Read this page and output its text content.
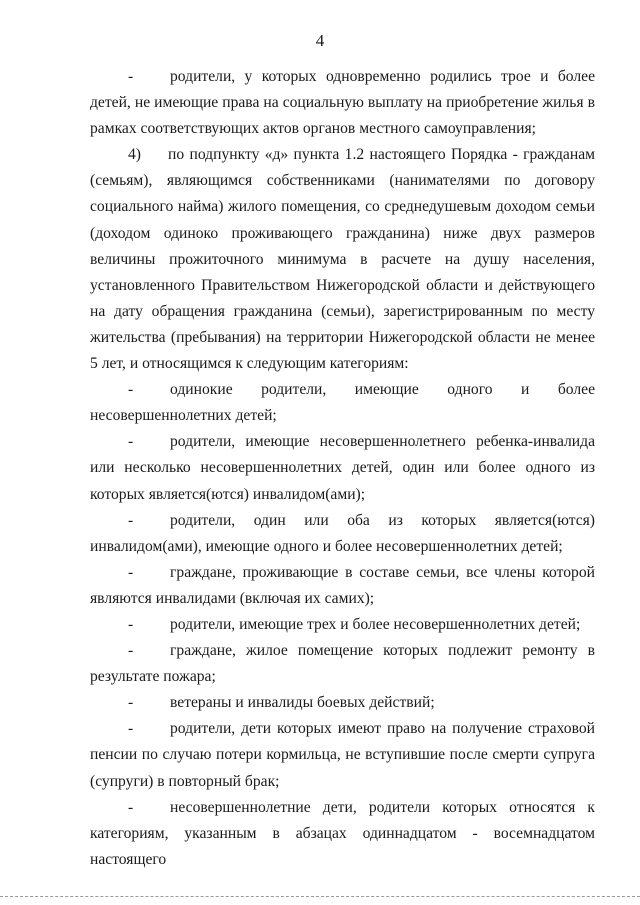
4

- родители, у которых одновременно родились трое и более детей, не имеющие права на социальную выплату на приобретение жилья в рамках соответствующих актов органов местного самоуправления;

4) по подпункту «д» пункта 1.2 настоящего Порядка - гражданам (семьям), являющимся собственниками (нанимателями по договору социального найма) жилого помещения, со среднедушевым доходом семьи (доходом одиноко проживающего гражданина) ниже двух размеров величины прожиточного минимума в расчете на душу населения, установленного Правительством Нижегородской области и действующего на дату обращения гражданина (семьи), зарегистрированным по месту жительства (пребывания) на территории Нижегородской области не менее 5 лет, и относящимся к следующим категориям:

- одинокие родители, имеющие одного и более несовершеннолетних детей;

- родители, имеющие несовершеннолетнего ребенка-инвалида или несколько несовершеннолетних детей, один или более одного из которых является(ются) инвалидом(ами);

- родители, один или оба из которых является(ются) инвалидом(ами), имеющие одного и более несовершеннолетних детей;

- граждане, проживающие в составе семьи, все члены которой являются инвалидами (включая их самих);

- родители, имеющие трех и более несовершеннолетних детей;

- граждане, жилое помещение которых подлежит ремонту в результате пожара;

- ветераны и инвалиды боевых действий;

- родители, дети которых имеют право на получение страховой пенсии по случаю потери кормильца, не вступившие после смерти супруга (супруги) в повторный брак;

- несовершеннолетние дети, родители которых относятся к категориям, указанным в абзацах одиннадцатом - восемнадцатом настоящего
